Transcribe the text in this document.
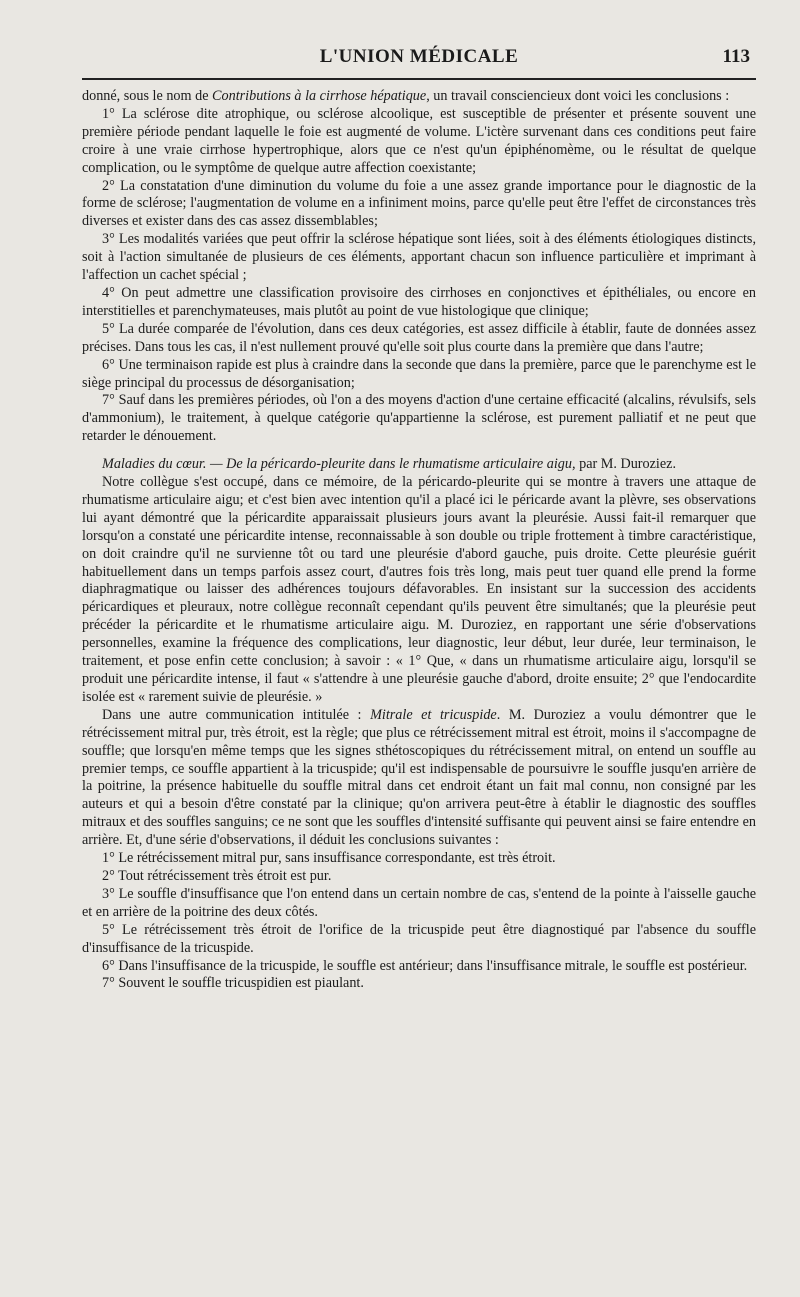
L'UNION MÉDICALE	113

donné, sous le nom de Contributions à la cirrhose hépatique, un travail consciencieux dont voici les conclusions :

1° La sclérose dite atrophique, ou sclérose alcoolique, est susceptible de présenter et présente souvent une première période pendant laquelle le foie est augmenté de volume. L'ictère survenant dans ces conditions peut faire croire à une vraie cirrhose hypertrophique, alors que ce n'est qu'un épiphénomème, ou le résultat de quelque complication, ou le symptôme de quelque autre affection coexistante;

2° La constatation d'une diminution du volume du foie a une assez grande importance pour le diagnostic de la forme de sclérose; l'augmentation de volume en a infiniment moins, parce qu'elle peut être l'effet de circonstances très diverses et exister dans des cas assez dissemblables;

3° Les modalités variées que peut offrir la sclérose hépatique sont liées, soit à des éléments étiologiques distincts, soit à l'action simultanée de plusieurs de ces éléments, apportant chacun son influence particulière et imprimant à l'affection un cachet spécial ;

4° On peut admettre une classification provisoire des cirrhoses en conjonctives et épithéliales, ou encore en interstitielles et parenchymateuses, mais plutôt au point de vue histologique que clinique;

5° La durée comparée de l'évolution, dans ces deux catégories, est assez difficile à établir, faute de données assez précises. Dans tous les cas, il n'est nullement prouvé qu'elle soit plus courte dans la première que dans l'autre;

6° Une terminaison rapide est plus à craindre dans la seconde que dans la première, parce que le parenchyme est le siège principal du processus de désorganisation;

7° Sauf dans les premières périodes, où l'on a des moyens d'action d'une certaine efficacité (alcalins, révulsifs, sels d'ammonium), le traitement, à quelque catégorie qu'appartienne la sclérose, est purement palliatif et ne peut que retarder le dénouement.

Maladies du cœur. — De la péricardo-pleurite dans le rhumatisme articulaire aigu, par M. Duroziez.

Notre collègue s'est occupé, dans ce mémoire, de la péricardo-pleurite qui se montre à travers une attaque de rhumatisme articulaire aigu; et c'est bien avec intention qu'il a placé ici le péricarde avant la plèvre, ses observations lui ayant démontré que la péricardite apparaissait plusieurs jours avant la pleurésie. Aussi fait-il remarquer que lorsqu'on a constaté une péricardite intense, reconnaissable à son double ou triple frottement à timbre caractéristique, on doit craindre qu'il ne survienne tôt ou tard une pleurésie d'abord gauche, puis droite. Cette pleurésie guérit habituellement dans un temps parfois assez court, d'autres fois très long, mais peut tuer quand elle prend la forme diaphragmatique ou laisser des adhérences toujours défavorables. En insistant sur la succession des accidents péricardiques et pleuraux, notre collègue reconnaît cependant qu'ils peuvent être simultanés; que la pleurésie peut précéder la péricardite et le rhumatisme articulaire aigu. M. Duroziez, en rapportant une série d'observations personnelles, examine la fréquence des complications, leur diagnostic, leur début, leur durée, leur terminaison, le traitement, et pose enfin cette conclusion; à savoir : « 1° Que, « dans un rhumatisme articulaire aigu, lorsqu'il se produit une péricardite intense, il faut « s'attendre à une pleurésie gauche d'abord, droite ensuite; 2° que l'endocardite isolée est « rarement suivie de pleurésie. »

Dans une autre communication intitulée : Mitrale et tricuspide. M. Duroziez a voulu démontrer que le rétrécissement mitral pur, très étroit, est la règle; que plus ce rétrécissement mitral est étroit, moins il s'accompagne de souffle; que lorsqu'en même temps que les signes sthétoscopiques du rétrécissement mitral, on entend un souffle au premier temps, ce souffle appartient à la tricuspide; qu'il est indispensable de poursuivre le souffle jusqu'en arrière de la poitrine, la présence habituelle du souffle mitral dans cet endroit étant un fait mal connu, non consigné par les auteurs et qui a besoin d'être constaté par la clinique; qu'on arrivera peut-être à établir le diagnostic des souffles mitraux et des souffles sanguins; ce ne sont que les souffles d'intensité suffisante qui peuvent ainsi se faire entendre en arrière. Et, d'une série d'observations, il déduit les conclusions suivantes :

1° Le rétrécissement mitral pur, sans insuffisance correspondante, est très étroit.

2° Tout rétrécissement très étroit est pur.

3° Le souffle d'insuffisance que l'on entend dans un certain nombre de cas, s'entend de la pointe à l'aisselle gauche et en arrière de la poitrine des deux côtés.

5° Le rétrécissement très étroit de l'orifice de la tricuspide peut être diagnostiqué par l'absence du souffle d'insuffisance de la tricuspide.

6° Dans l'insuffisance de la tricuspide, le souffle est antérieur; dans l'insuffisance mitrale, le souffle est postérieur.

7° Souvent le souffle tricuspidien est piaulant.
